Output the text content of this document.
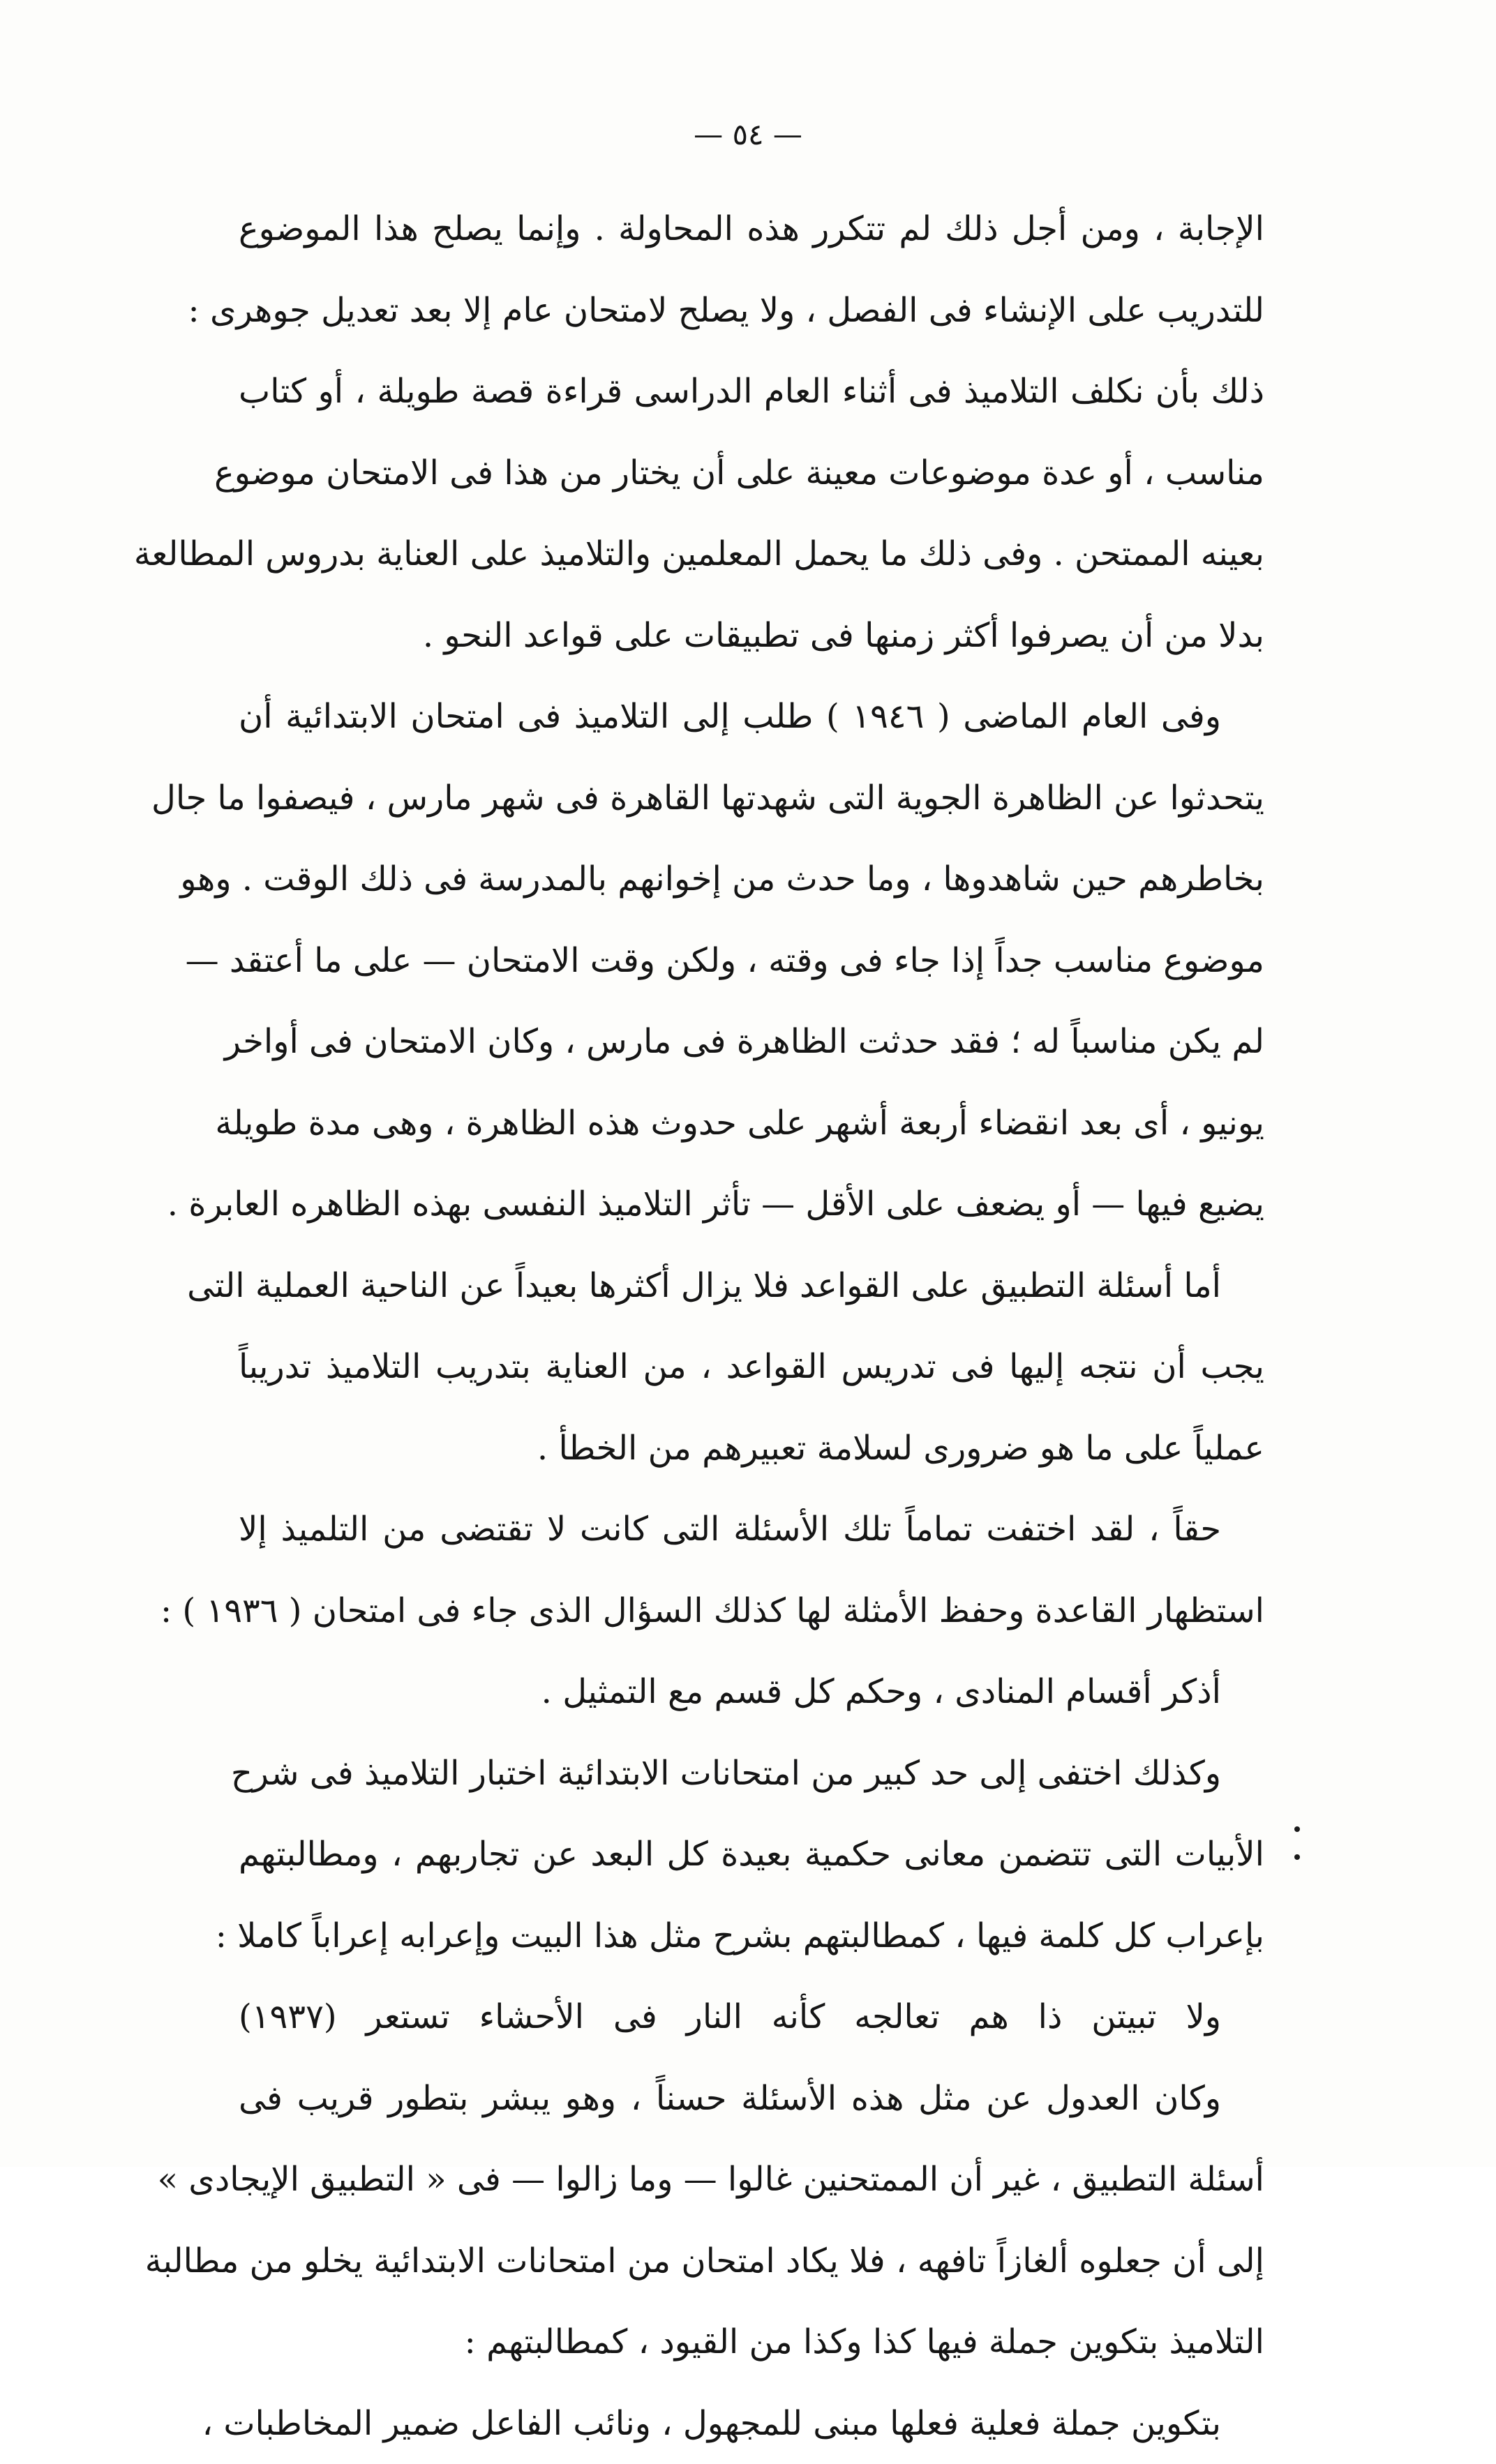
— ٥٤ —
الإجابة ، ومن أجل ذلك لم تتكرر هذه المحاولة . وإنما يصلح هذا الموضوع
للتدريب على الإنشاء فى الفصل ، ولا يصلح لامتحان عام إلا بعد تعديل جوهرى :
ذلك بأن نكلف التلاميذ فى أثناء العام الدراسى قراءة قصة طويلة ، أو كتاب
مناسب ، أو عدة موضوعات معينة على أن يختار من هذا فى الامتحان موضوع
بعينه الممتحن . وفى ذلك ما يحمل المعلمين والتلاميذ على العناية بدروس المطالعة
بدلا من أن يصرفوا أكثر زمنها فى تطبيقات على قواعد النحو .
وفى العام الماضى ( ١٩٤٦ ) طلب إلى التلاميذ فى امتحان الابتدائية أن
يتحدثوا عن الظاهرة الجوية التى شهدتها القاهرة فى شهر مارس ، فيصفوا ما جال
بخاطرهم حين شاهدوها ، وما حدث من إخوانهم بالمدرسة فى ذلك الوقت . وهو
موضوع مناسب جداً إذا جاء فى وقته ، ولكن وقت الامتحان — على ما أعتقد —
لم يكن مناسباً له ؛ فقد حدثت الظاهرة فى مارس ، وكان الامتحان فى أواخر
يونيو ، أى بعد انقضاء أربعة أشهر على حدوث هذه الظاهرة ، وهى مدة طويلة
يضيع فيها — أو يضعف على الأقل — تأثر التلاميذ النفسى بهذه الظاهره العابرة .
أما أسئلة التطبيق على القواعد فلا يزال أكثرها بعيداً عن الناحية العملية التى
يجب أن نتجه إليها فى تدريس القواعد ، من العناية بتدريب التلاميذ تدريباً
عملياً على ما هو ضرورى لسلامة تعبيرهم من الخطأ .
حقاً ، لقد اختفت تماماً تلك الأسئلة التى كانت لا تقتضى من التلميذ إلا
استظهار القاعدة وحفظ الأمثلة لها كذلك السؤال الذى جاء فى امتحان ( ١٩٣٦ ) :
أذكر أقسام المنادى ، وحكم كل قسم مع التمثيل .
وكذلك اختفى إلى حد كبير من امتحانات الابتدائية اختبار التلاميذ فى شرح
الأبيات التى تتضمن معانى حكمية بعيدة كل البعد عن تجاربهم ، ومطالبتهم
بإعراب كل كلمة فيها ، كمطالبتهم بشرح مثل هذا البيت وإعرابه إعراباً كاملا :
ولا تبيتن ذا هم تعالجه كأنه النار فى الأحشاء تستعر (١٩٣٧)
وكان العدول عن مثل هذه الأسئلة حسناً ، وهو يبشر بتطور قريب فى
أسئلة التطبيق ، غير أن الممتحنين غالوا — وما زالوا — فى « التطبيق الإيجادى »
إلى أن جعلوه ألغازاً تافهه ، فلا يكاد امتحان من امتحانات الابتدائية يخلو من مطالبة
التلاميذ بتكوين جملة فيها كذا وكذا من القيود ، كمطالبتهم :
بتكوين جملة فعلية فعلها مبنى للمجهول ، ونائب الفاعل ضمير المخاطبات ،
